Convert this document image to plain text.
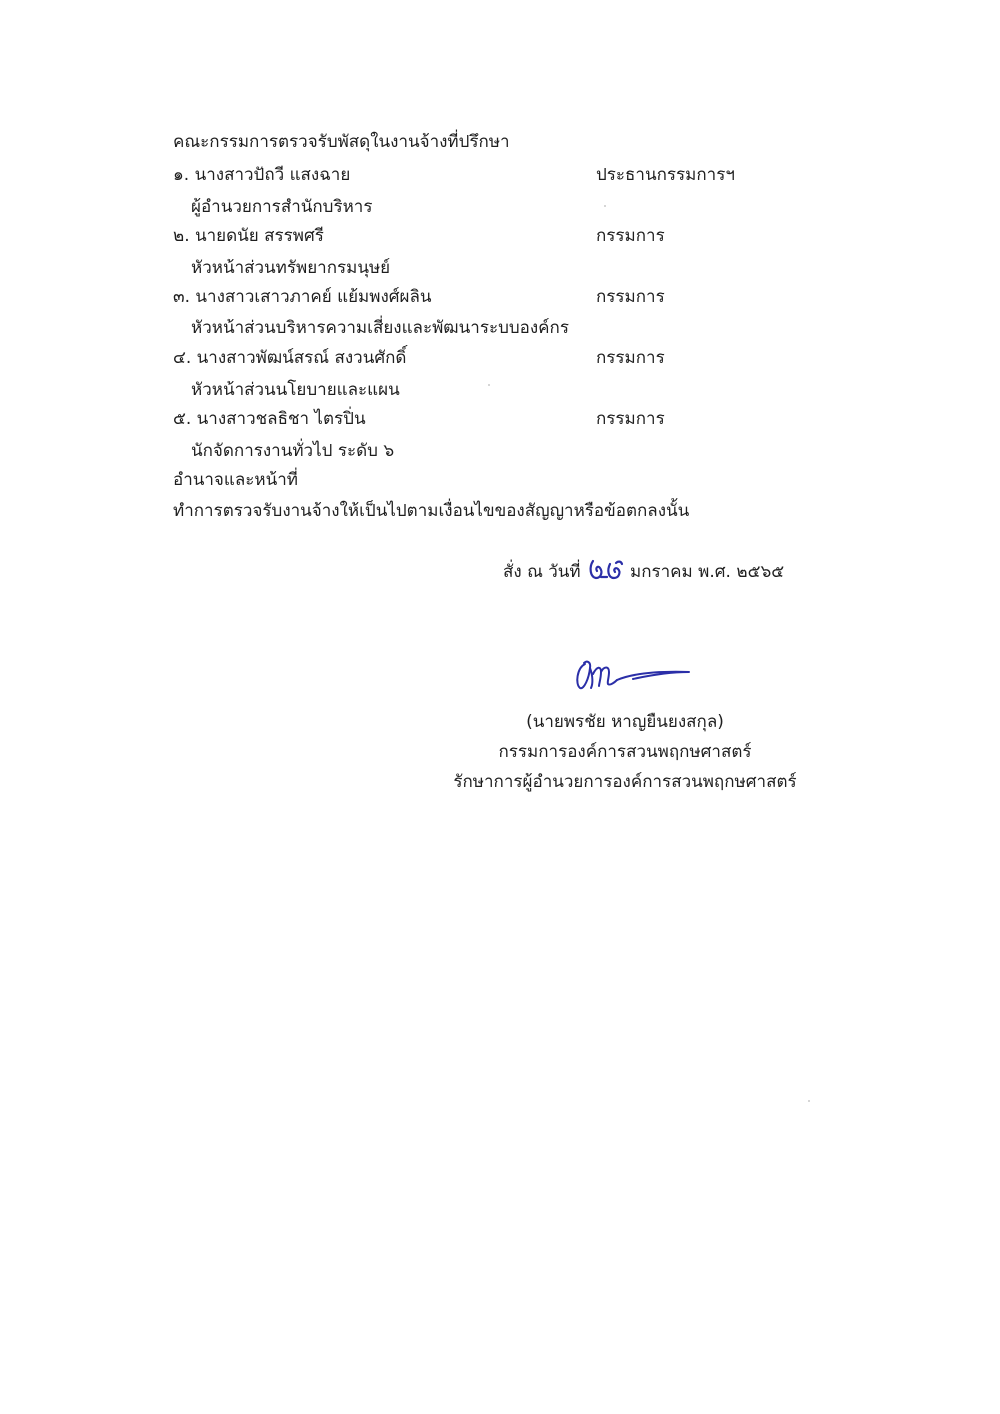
คณะกรรมการตรวจรับพัสดุในงานจ้างที่ปรึกษา
๑. นางสาวปัถวี แสงฉาย	ประธานกรรมการฯ
ผู้อำนวยการสำนักบริหาร
๒. นายดนัย สรรพศรี	กรรมการ
หัวหน้าส่วนทรัพยากรมนุษย์
๓. นางสาวเสาวภาคย์ แย้มพงศ์ผลิน	กรรมการ
หัวหน้าส่วนบริหารความเสี่ยงและพัฒนาระบบองค์กร
๔. นางสาวพัฒน์สรณ์ สงวนศักดิ์	กรรมการ
หัวหน้าส่วนนโยบายและแผน
๕. นางสาวชลธิชา ไตรปิ่น	กรรมการ
นักจัดการงานทั่วไป ระดับ ๖
อำนาจและหน้าที่
ทำการตรวจรับงานจ้างให้เป็นไปตามเงื่อนไขของสัญญาหรือข้อตกลงนั้น
สั่ง ณ วันที่	มกราคม พ.ศ. ๒๕๖๕
(นายพรชัย หาญยืนยงสกุล)
กรรมการองค์การสวนพฤกษศาสตร์
รักษาการผู้อำนวยการองค์การสวนพฤกษศาสตร์
